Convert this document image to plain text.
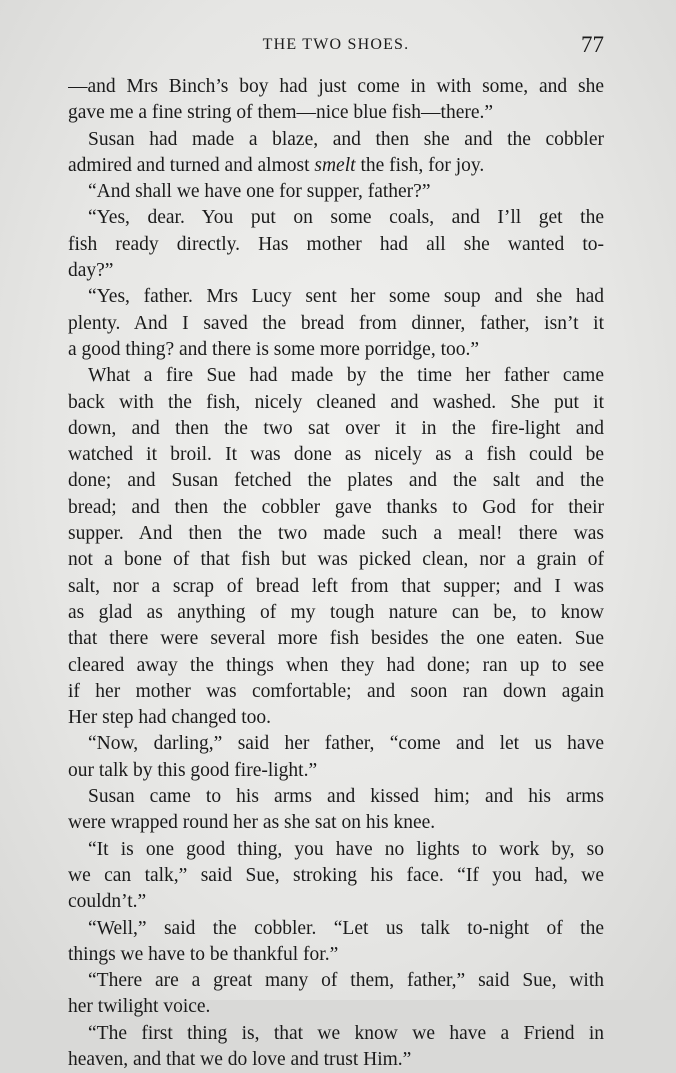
THE TWO SHOES.	77
—and Mrs Binch’s boy had just come in with some, and she
gave me a fine string of them—nice blue fish—there.”
Susan had made a blaze, and then she and the cobbler
admired and turned and almost smelt the fish, for joy.
“And shall we have one for supper, father?”
“Yes, dear. You put on some coals, and I’ll get the
fish ready directly. Has mother had all she wanted to-
day?”
“Yes, father. Mrs Lucy sent her some soup and she had
plenty. And I saved the bread from dinner, father, isn’t it
a good thing? and there is some more porridge, too.”
What a fire Sue had made by the time her father came
back with the fish, nicely cleaned and washed. She put it
down, and then the two sat over it in the fire-light and
watched it broil. It was done as nicely as a fish could be
done; and Susan fetched the plates and the salt and the
bread; and then the cobbler gave thanks to God for their
supper. And then the two made such a meal! there was
not a bone of that fish but was picked clean, nor a grain of
salt, nor a scrap of bread left from that supper; and I was
as glad as anything of my tough nature can be, to know
that there were several more fish besides the one eaten. Sue
cleared away the things when they had done; ran up to see
if her mother was comfortable; and soon ran down again
Her step had changed too.
“Now, darling,” said her father, “come and let us have
our talk by this good fire-light.”
Susan came to his arms and kissed him; and his arms
were wrapped round her as she sat on his knee.
“It is one good thing, you have no lights to work by, so
we can talk,” said Sue, stroking his face. “If you had, we
couldn’t.”
“Well,” said the cobbler. “Let us talk to-night of the
things we have to be thankful for.”
“There are a great many of them, father,” said Sue, with
her twilight voice.
“The first thing is, that we know we have a Friend in
heaven, and that we do love and trust Him.”
